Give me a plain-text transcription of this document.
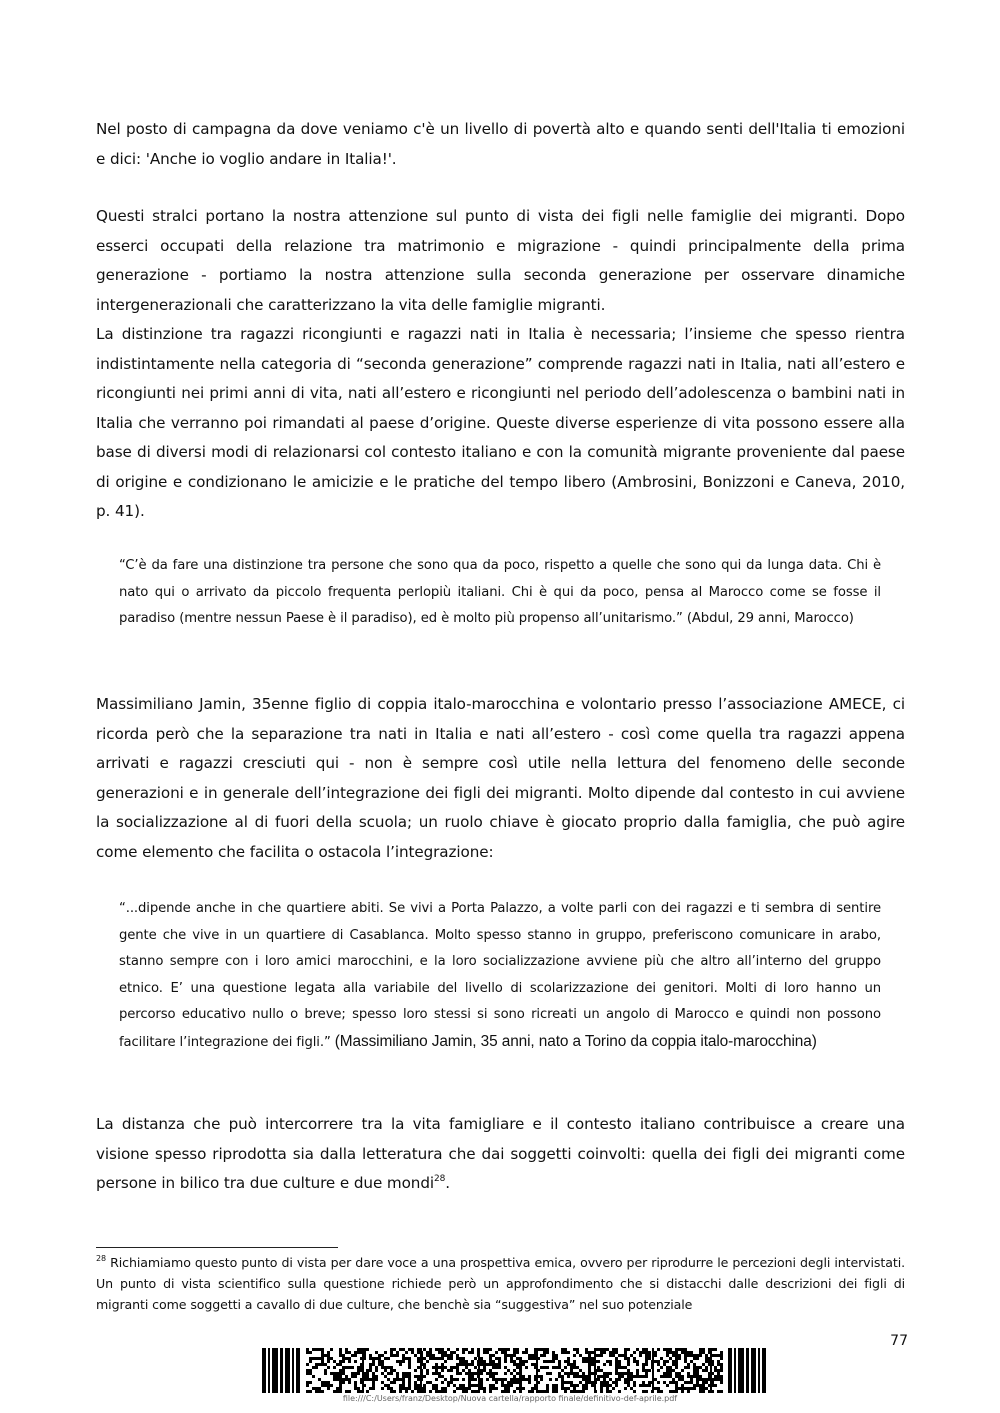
Nel posto di campagna da dove veniamo c'è un livello di povertà alto e quando senti dell'Italia ti emozioni e dici: 'Anche io voglio andare in Italia!'.

Questi stralci portano la nostra attenzione sul punto di vista dei figli nelle famiglie dei migranti. Dopo esserci occupati della relazione tra matrimonio e migrazione - quindi principalmente della prima generazione - portiamo la nostra attenzione sulla seconda generazione per osservare dinamiche intergenerazionali che caratterizzano la vita delle famiglie migranti.

La distinzione tra ragazzi ricongiunti e ragazzi nati in Italia è necessaria; l’insieme che spesso rientra indistintamente nella categoria di “seconda generazione” comprende ragazzi nati in Italia, nati all’estero e ricongiunti nei primi anni di vita, nati all’estero e ricongiunti nel periodo dell’adolescenza o bambini nati in Italia che verranno poi rimandati al paese d’origine. Queste diverse esperienze di vita possono essere alla base di diversi modi di relazionarsi col contesto italiano e con la comunità migrante proveniente dal paese di origine e condizionano le amicizie e le pratiche del tempo libero (Ambrosini, Bonizzoni e Caneva, 2010, p. 41).

“C’è da fare una distinzione tra persone che sono qua da poco, rispetto a quelle che sono qui da lunga data. Chi è nato qui o arrivato da piccolo frequenta perlopiù italiani. Chi è qui da poco, pensa al Marocco come se fosse il paradiso (mentre nessun Paese è il paradiso), ed è molto più propenso all’unitarismo.” (Abdul, 29 anni, Marocco)

Massimiliano Jamin, 35enne figlio di coppia italo-marocchina e volontario presso l’associazione AMECE, ci ricorda però che la separazione tra nati in Italia e nati all’estero - così come quella tra ragazzi appena arrivati e ragazzi cresciuti qui - non è sempre così utile nella lettura del fenomeno delle seconde generazioni e in generale dell’integrazione dei figli dei migranti. Molto dipende dal contesto in cui avviene la socializzazione al di fuori della scuola; un ruolo chiave è giocato proprio dalla famiglia, che può agire come elemento che facilita o ostacola l’integrazione:

“...dipende anche in che quartiere abiti. Se vivi a Porta Palazzo, a volte parli con dei ragazzi e ti sembra di sentire gente che vive in un quartiere di Casablanca. Molto spesso stanno in gruppo, preferiscono comunicare in arabo, stanno sempre con i loro amici marocchini, e la loro socializzazione avviene più che altro all’interno del gruppo etnico. E’ una questione legata alla variabile del livello di scolarizzazione dei genitori. Molti di loro hanno un percorso educativo nullo o breve; spesso loro stessi si sono ricreati un angolo di Marocco e quindi non possono facilitare l’integrazione dei figli.” (Massimiliano Jamin, 35 anni, nato a Torino da coppia italo-marocchina)

La distanza che può intercorrere tra la vita famigliare e il contesto italiano contribuisce a creare una visione spesso riprodotta sia dalla letteratura che dai soggetti coinvolti: quella dei figli dei migranti come persone in bilico tra due culture e due mondi$^{28}$.

$^{28}$ Richiamiamo questo punto di vista per dare voce a una prospettiva emica, ovvero per riprodurre le percezioni degli intervistati. Un punto di vista scientifico sulla questione richiede però un approfondimento che si distacchi dalle descrizioni dei figli di migranti come soggetti a cavallo di due culture, che benchè sia “suggestiva” nel suo potenziale

77
file:///C:/Users/franz/Desktop/Nuova cartella/rapporto finale/definitivo-def-aprile.pdf
